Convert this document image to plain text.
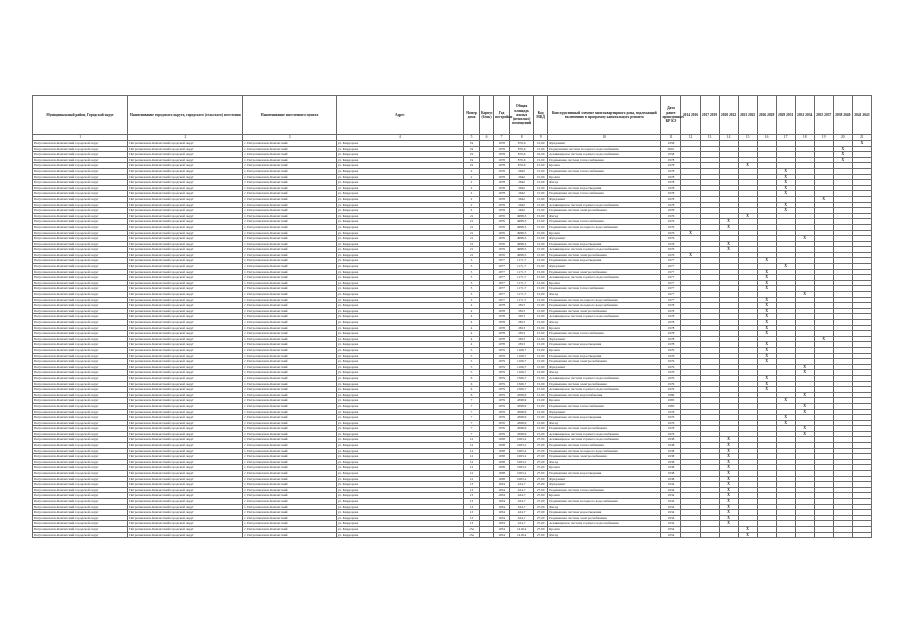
Муниципальный район, Городской округ	Наименование городского округа, городского (сельского) поселения	Наименование населенного пункта	Адрес	Номер дома	Корпус (блок)	Год постройки	Общая площадь жилых (нежилых) помещений	Код МКД	Конструктивный элемент многоквартирного дома, подлежащий включению в программу капитального ремонта	Дата ранее проведенных КР КЭ	2014 2016	2017 2019	2020 2022	2023 2025	2026 2028	2029 2031	2032 2034	2035 2037	2038 2040	2041 2043
1	2	3	4	5	6	7	8	9	10	11	12	13	14	15	16	17	18	19	20	21
Петропавловск-Камчатский городской округ	Петропавловск-Камчатский городской округ	г. Петропавловск-Камчатский	ул. Кирдорова	19		1978	876,6	15,00	Фундамент	1958										X
Петропавловск-Камчатский городской округ	Петропавловск-Камчатский городской округ	г. Петропавловск-Камчатский	ул. Кирдорова	19		1978	876,6	15,00	Подмуешная система холодного водоснабжения	2001									X	
Петропавловск-Камчатский городской округ	Петропавловск-Камчатский городской округ	г. Петропавловск-Камчатский	ул. Кирдорова	19		1978	876,6	16,00	Аскинкировое система горячего водоснабжения	1958									X	
Петропавловск-Камчатский городской округ	Петропавловск-Камчатский городской округ	г. Петропавловск-Камчатский	ул. Кирдорова	19		1978	876,6	15,00	Подмышная система теплоснабжения	1978									X	
Петропавловск-Камчатский городской округ	Петропавловск-Камчатский городской округ	г. Петропавловск-Камчатский	ул. Кирдорова	19		1978	876,6	15,00	Кровля	1978				X						
Петропавловск-Камчатский городской округ	Петропавловск-Камчатский городской округ	г. Петропавловск-Камчатский	ул. Кирдорова	2		1978	2642	15,00	Подмышная система теплоснабжения	1978						X				
Петропавловск-Камчатский городской округ	Петропавловск-Камчатский городской округ	г. Петропавловск-Камчатский	ул. Кирдорова	2		1978	2642	15,00	Кровля	1978						X				
Петропавловск-Камчатский городской округ	Петропавловск-Камчатский городской округ	г. Петропавловск-Камчатский	ул. Кирдорова	2		1978	2642	15,00	Фасад	1978						X				
Петропавловск-Камчатский городской округ	Петропавловск-Камчатский городской округ	г. Петропавловск-Камчатский	ул. Кирдорова	2		1978	2642	15,00	Подмышная система водоотведения	1978						X				
Петропавловск-Камчатский городской округ	Петропавловск-Камчатский городской округ	г. Петропавловск-Камчатский	ул. Кирдорова	2		1978	2642	15,00	Подмышная система теплоснабжения	1978						X				
Петропавловск-Камчатский городской округ	Петропавловск-Камчатский городской округ	г. Петропавловск-Камчатский	ул. Кирдорова	2		1978	2642	15,00	Фундамент	1978								X		
Петропавловск-Камчатский городской округ	Петропавловск-Камчатский городской округ	г. Петропавловск-Камчатский	ул. Кирдорова	2		1978	2642	15,00	Аскинкировое система горячего водоснабжения	1978						X				
Петропавловск-Камчатский городской округ	Петропавловск-Камчатский городской округ	г. Петропавловск-Камчатский	ул. Кирдорова	2		1978	2642	15,00	Подмышная система электроснабжения	1978						X				
Петропавловск-Камчатский городской округ	Петропавловск-Камчатский городской округ	г. Петропавловск-Камчатский	ул. Кирдорова	21		1976	4998,3	15,00	Фасад	1976				X						
Петропавловск-Камчатский городской округ	Петропавловск-Камчатский городской округ	г. Петропавловск-Камчатский	ул. Кирдорова	21		1976	4998,3	15,00	Подмышная система теплоснабжения	1976			X							
Петропавловск-Камчатский городской округ	Петропавловск-Камчатский городской округ	г. Петропавловск-Камчатский	ул. Кирдорова	21		1976	4998,3	15,00	Подмышная система холодного водоснабжения	1976			X							
Петропавловск-Камчатский городской округ	Петропавловск-Камчатский городской округ	г. Петропавловск-Камчатский	ул. Кирдорова	21		1976	4998,3	15,00	Кровля	1976	X									
Петропавловск-Камчатский городской округ	Петропавловск-Камчатский городской округ	г. Петропавловск-Камчатский	ул. Кирдорова	21		1976	4998,3	15,00	Фундамент	1976							X			
Петропавловск-Камчатский городской округ	Петропавловск-Камчатский городской округ	г. Петропавловск-Камчатский	ул. Кирдорова	21		1976	4998,3	15,00	Подмышная система водоотведения	1976			X							
Петропавловск-Камчатский городской округ	Петропавловск-Камчатский городской округ	г. Петропавловск-Камчатский	ул. Кирдорова	21		1976	4998,3	15,00	Аскинкировое система горячего водоснабжения	1976			X							
Петропавловск-Камчатский городской округ	Петропавловск-Камчатский городской округ	г. Петропавловск-Камчатский	ул. Кирдорова	21		1976	4998,3	15,00	Подмышная система электроснабжения	1976	X									
Петропавловск-Камчатский городской округ	Петропавловск-Камчатский городской округ	г. Петропавловск-Камчатский	ул. Кирдорова	3		1977	1171,7	15,00	Подмышная система водоотведения	1977					X					
Петропавловск-Камчатский городской округ	Петропавловск-Камчатский городской округ	г. Петропавловск-Камчатский	ул. Кирдорова	3		1977	1171,7	15,00	Фундамент	1977						X				
Петропавловск-Камчатский городской округ	Петропавловск-Камчатский городской округ	г. Петропавловск-Камчатский	ул. Кирдорова	3		1977	1171,7	15,00	Подмышная система электроснабжения	1977					X					
Петропавловск-Камчатский городской округ	Петропавловск-Камчатский городской округ	г. Петропавловск-Камчатский	ул. Кирдорова	3		1977	1171,7	15,00	Аскинкировое система горячего водоснабжения	1977					X					
Петропавловск-Камчатский городской округ	Петропавловск-Камчатский городской округ	г. Петропавловск-Камчатский	ул. Кирдорова	3		1977	1171,7	15,00	Кровля	1977					X					
Петропавловск-Камчатский городской округ	Петропавловск-Камчатский городской округ	г. Петропавловск-Камчатский	ул. Кирдорова	3		1977	1171,7	15,00	Подмышная система теплоснабжения	1977					X					
Петропавловск-Камчатский городской округ	Петропавловск-Камчатский городской округ	г. Петропавловск-Камчатский	ул. Кирдорова	3		1977	1171,7	15,00	Фасад	1977							X			
Петропавловск-Камчатский городской округ	Петропавловск-Камчатский городской округ	г. Петропавловск-Камчатский	ул. Кирдорова	3		1977	1171,7	15,00	Подмышная система холодного водоснабжения	1977					X					
Петропавловск-Камчатский городской округ	Петропавловск-Камчатский городской округ	г. Петропавловск-Камчатский	ул. Кирдорова	4		1978	2813	15,00	Подмышная система холодного водоснабжения	1978					X					
Петропавловск-Камчатский городской округ	Петропавловск-Камчатский городской округ	г. Петропавловск-Камчатский	ул. Кирдорова	4		1978	2813	15,00	Подмышная система электроснабжения	1978					X					
Петропавловск-Камчатский городской округ	Петропавловск-Камчатский городской округ	г. Петропавловск-Камчатский	ул. Кирдорова	4		1978	2813	15,00	Аскинкировое система горячего водоснабжения	1978					X					
Петропавловск-Камчатский городской округ	Петропавловск-Камчатский городской округ	г. Петропавловск-Камчатский	ул. Кирдорова	4		1978	2813	15,00	Фасад	1978					X					
Петропавловск-Камчатский городской округ	Петропавловск-Камчатский городской округ	г. Петропавловск-Камчатский	ул. Кирдорова	4		1978	2813	15,00	Кровля	1978					X					
Петропавловск-Камчатский городской округ	Петропавловск-Камчатский городской округ	г. Петропавловск-Камчатский	ул. Кирдорова	4		1978	2813	15,00	Подмышная система теплоснабжения	1978					X					
Петропавловск-Камчатский городской округ	Петропавловск-Камчатский городской округ	г. Петропавловск-Камчатский	ул. Кирдорова	4		1978	2813	15,00	Фундамент	1978								X		
Петропавловск-Камчатский городской округ	Петропавловск-Камчатский городской округ	г. Петропавловск-Камчатский	ул. Кирдорова	4		1978	2813	15,00	Подмышная система водоотведения	1978					X					
Петропавловск-Камчатский городской округ	Петропавловск-Камчатский городской округ	г. Петропавловск-Камчатский	ул. Кирдорова	5		1979	1166,7	15,00	Кровля	1979					X					
Петропавловск-Камчатский городской округ	Петропавловск-Камчатский городской округ	г. Петропавловск-Камчатский	ул. Кирдорова	5		1979	1166,7	15,00	Подмышная система водоотведения	1979					X					
Петропавловск-Камчатский городской округ	Петропавловск-Камчатский городской округ	г. Петропавловск-Камчатский	ул. Кирдорова	5		1979	1166,7	15,00	Подмышная система электроснабжения	1979					X					
Петропавловск-Камчатский городской округ	Петропавловск-Камчатский городской округ	г. Петропавловск-Камчатский	ул. Кирдорова	5		1979	1166,7	15,00	Фундамент	1979							X			
Петропавловск-Камчатский городской округ	Петропавловск-Камчатский городской округ	г. Петропавловск-Камчатский	ул. Кирдорова	5		1979	1166,7	15,00	Фасад	1979							X			
Петропавловск-Камчатский городской округ	Петропавловск-Камчатский городской округ	г. Петропавловск-Камчатский	ул. Кирдорова	6		1979	1366,7	15,00	Аскинкировое система горячего водоснабжения	1979					X					
Петропавловск-Камчатский городской округ	Петропавловск-Камчатский городской округ	г. Петропавловск-Камчатский	ул. Кирдорова	6		1979	1366,7	15,00	Подмышная система электроснабжения	1979					X					
Петропавловск-Камчатский городской округ	Петропавловск-Камчатский городской округ	г. Петропавловск-Камчатский	ул. Кирдорова	6		1979	1366,7	15,00	Аскинкировое система горячего водоснабжения	1979					X					
Петропавловск-Камчатский городской округ	Петропавловск-Камчатский городской округ	г. Петропавловск-Камчатский	ул. Кирдорова	6		1979	4398,9	15,00	Подмышная система водоснабжения	1980							X			
Петропавловск-Камчатский городской округ	Петропавловск-Камчатский городской округ	г. Петропавловск-Камчатский	ул. Кирдорова	7		1979	4398,9	15,00	Кровля	1983						X				
Петропавловск-Камчатский городской округ	Петропавловск-Камчатский городской округ	г. Петропавловск-Камчатский	ул. Кирдорова	7		1979	4398,9	15,00	Подмышная система теплоснабжения	1983							X			
Петропавловск-Камчатский городской округ	Петропавловск-Камчатский городской округ	г. Петропавловск-Камчатский	ул. Кирдорова	7		1979	4398,9	15,00	Фундамент	1976							X			
Петропавловск-Камчатский городской округ	Петропавловск-Камчатский городской округ	г. Петропавловск-Камчатский	ул. Кирдорова	7		1976	4398,9	15,00	Подмышная система водоотведения	1976						X				
Петропавловск-Камчатский городской округ	Петропавловск-Камчатский городской округ	г. Петропавловск-Камчатский	ул. Кирдорова	7		1976	4398,9	15,00	Фасад	1976						X				
Петропавловск-Камчатский городской округ	Петропавловск-Камчатский городской округ	г. Петропавловск-Камчатский	ул. Кирдорова	7		1976	4398,9	15,00	Подмышная система электроснабжения	1976							X			
Петропавловск-Камчатский городской округ	Петропавловск-Камчатский городской округ	г. Петропавловск-Камчатский	ул. Кирдорова	7		1976	4398,9	15,00	Аскинкировое система горячего водоснабжения	1976							X			
Петропавловск-Камчатский городской округ	Петропавловск-Камчатский городской округ	г. Петропавловск-Камчатский	ул. Кирдорова	12		1938	1063,2	27,00	Аскинкировое система горячего водоснабжения	1938			X							
Петропавловск-Камчатский городской округ	Петропавловск-Камчатский городской округ	г. Петропавловск-Камчатский	ул. Кирдорова	12		1938	1063,2	27,00	Подмышная система теплоснабжения	1938			X							
Петропавловск-Камчатский городской округ	Петропавловск-Камчатский городской округ	г. Петропавловск-Камчатский	ул. Кирдорова	12		1938	1063,2	27,00	Подмышная система холодного водоснабжения	1938			X							
Петропавловск-Камчатский городской округ	Петропавловск-Камчатский городской округ	г. Петропавловск-Камчатский	ул. Кирдорова	12		1938	1063,2	27,00	Подмышная система электроснабжения	1938			X							
Петропавловск-Камчатский городской округ	Петропавловск-Камчатский городской округ	г. Петропавловск-Камчатский	ул. Кирдорова	12		1938	1063,2	27,00	Фасад	1938			X							
Петропавловск-Камчатский городской округ	Петропавловск-Камчатский городской округ	г. Петропавловск-Камчатский	ул. Кирдорова	12		1938	1063,2	27,00	Кровля	1938			X							
Петропавловск-Камчатский городской округ	Петропавловск-Камчатский городской округ	г. Петропавловск-Камчатский	ул. Кирдорова	12		1938	1063,2	27,00	Подмышная система водоотведения	1938			X							
Петропавловск-Камчатский городской округ	Петропавловск-Камчатский городской округ	г. Петропавловск-Камчатский	ул. Кирдорова	12		1938	1063,2	27,00	Фундамент	1938			X							
Петропавловск-Камчатский городской округ	Петропавловск-Камчатский городской округ	г. Петропавловск-Камчатский	ул. Кирдорова	13		1934	424,7	27,00	Фундамент	1934			X							
Петропавловск-Камчатский городской округ	Петропавловск-Камчатский городской округ	г. Петропавловск-Камчатский	ул. Кирдорова	13		1934	424,7	27,00	Подмышная система теплоснабжения	1934			X							
Петропавловск-Камчатский городской округ	Петропавловск-Камчатский городской округ	г. Петропавловск-Камчатский	ул. Кирдорова	13		1934	424,7	27,00	Кровля	1934			X							
Петропавловск-Камчатский городской округ	Петропавловск-Камчатский городской округ	г. Петропавловск-Камчатский	ул. Кирдорова	13		1934	424,7	27,00	Подмышная система холодного водоснабжения	1934			X							
Петропавловск-Камчатский городской округ	Петропавловск-Камчатский городской округ	г. Петропавловск-Камчатский	ул. Кирдорова	13		1934	424,7	27,00	Фасад	1934			X							
Петропавловск-Камчатский городской округ	Петропавловск-Камчатский городской округ	г. Петропавловск-Камчатский	ул. Кирдорова	13		1934	424,7	27,00	Подмышная система водоотведения	1934			X							
Петропавловск-Камчатский городской округ	Петропавловск-Камчатский городской округ	г. Петропавловск-Камчатский	ул. Кирдорова	13		1934	424,7	27,00	Подмышная система электроснабжения	1934			X							
Петропавловск-Камчатский городской округ	Петропавловск-Камчатский городской округ	г. Петропавловск-Камчатский	ул. Кирдорова	13		1934	424,7	27,00	Аскинкировое система горячего водоснабжения	1934			X							
Петропавловск-Камчатский городской округ	Петропавловск-Камчатский городской округ	г. Петропавловск-Камчатский	ул. Кирдорова	13а		1954	1418,4	27,00	Кровля	1954				X						
Петропавловск-Камчатский городской округ	Петропавловск-Камчатский городской округ	г. Петропавловск-Камчатский	ул. Кирдорова	13а		1954	1418,4	27,00	Фасад	1954				X						
